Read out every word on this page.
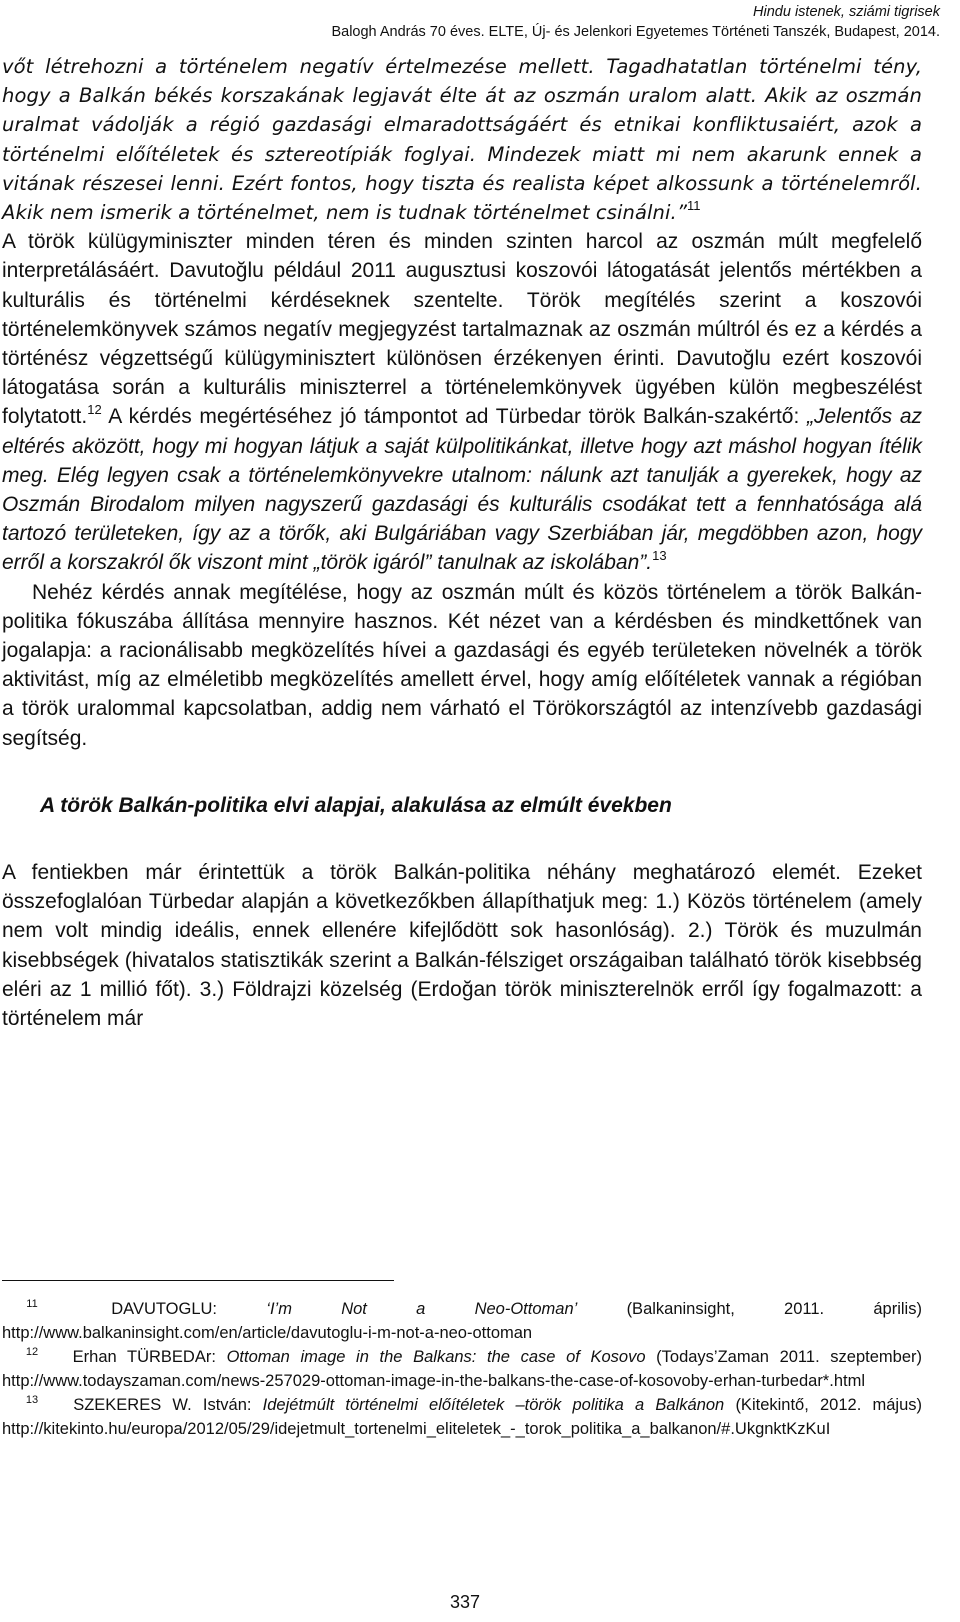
Hindu istenek, sziámi tigrisek
Balogh András 70 éves. ELTE, Új- és Jelenkori Egyetemes Történeti Tanszék, Budapest, 2014.

vőt létrehozni a történelem negatív értelmezése mellett. Tagadhatatlan történelmi tény, hogy a Balkán békés korszakának legjavát élte át az oszmán uralom alatt. Akik az oszmán uralmat vádolják a régió gazdasági elmaradottságáért és etnikai konfliktusaiért, azok a történelmi előítéletek és sztereotípiák foglyai. Mindezek miatt mi nem akarunk ennek a vitának részesei lenni. Ezért fontos, hogy tiszta és realista képet alkossunk a történelemről. Akik nem ismerik a történelmet, nem is tudnak történelmet csinálni.”$^{11}$

A török külügyminiszter minden téren és minden szinten harcol az oszmán múlt megfelelő interpretálásáért. Davutoğlu például 2011 augusztusi koszovói látogatását jelentős mértékben a kulturális és történelmi kérdéseknek szentelte. Török megítélés szerint a koszovói történelemkönyvek számos negatív megjegyzést tartalmaznak az oszmán múltról és ez a kérdés a történész végzettségű külügyminisztert különösen érzékenyen érinti. Davutoğlu ezért koszovói látogatása során a kulturális miniszterrel a történelemkönyvek ügyében külön megbeszélést folytatott.$^{12}$ A kérdés megértéséhez jó támpontot ad Türbedar török Balkán-szakértő: „Jelentős az eltérés aközött, hogy mi hogyan látjuk a saját külpolitikánkat, illetve hogy azt máshol hogyan ítélik meg. Elég legyen csak a történelemkönyvekre utalnom: nálunk azt tanulják a gyerekek, hogy az Oszmán Birodalom milyen nagyszerű gazdasági és kulturális csodákat tett a fennhatósága alá tartozó területeken, így az a törők, aki Bulgáriában vagy Szerbiában jár, megdöbben azon, hogy erről a korszakról ők viszont mint „török igáról” tanulnak az iskolában”.$^{13}$

Nehéz kérdés annak megítélése, hogy az oszmán múlt és közös történelem a török Balkán-politika fókuszába állítása mennyire hasznos. Két nézet van a kérdésben és mindkettőnek van jogalapja: a racionálisabb megközelítés hívei a gazdasági és egyéb területeken növelnék a török aktivitást, míg az elméletibb megközelítés amellett érvel, hogy amíg előítéletek vannak a régióban a török uralommal kapcsolatban, addig nem várható el Törökországtól az intenzívebb gazdasági segítség.

A török Balkán-politika elvi alapjai, alakulása az elmúlt években

A fentiekben már érintettük a török Balkán-politika néhány meghatározó elemét. Ezeket összefoglalóan Türbedar alapján a következőkben állapíthatjuk meg: 1.) Közös történelem (amely nem volt mindig ideális, ennek ellenére kifejlődött sok hasonlóság). 2.) Török és muzulmán kisebbségek (hivatalos statisztikák szerint a Balkán-félsziget országaiban található török kisebbség eléri az 1 millió főt). 3.) Földrajzi közelség (Erdoğan török miniszterelnök erről így fogalmazott: a történelem már

$^{11}$	DAVUTOGLU:	‘I’m Not a Neo-Ottoman’	(Balkaninsight, 2011. április) http://www.balkaninsight.com/en/article/davutoglu-i-m-not-a-neo-ottoman

$^{12}$ Erhan TÜRBEDAr: Ottoman image in the Balkans: the case of Kosovo (Todays’Zaman 2011. szeptember) http://www.todayszaman.com/news-257029-ottoman-image-in-the-balkans-the-case-of-kosovoby-erhan-turbedar*.html

$^{13}$ SZEKERES W. István: Idejétmúlt történelmi előítéletek –török politika a Balkánon (Kitekintő, 2012. május) http://kitekinto.hu/europa/2012/05/29/idejetmult_tortenelmi_eliteletek_-_torok_politika_a_balkanon/#.UkgnktKzKuI

337
